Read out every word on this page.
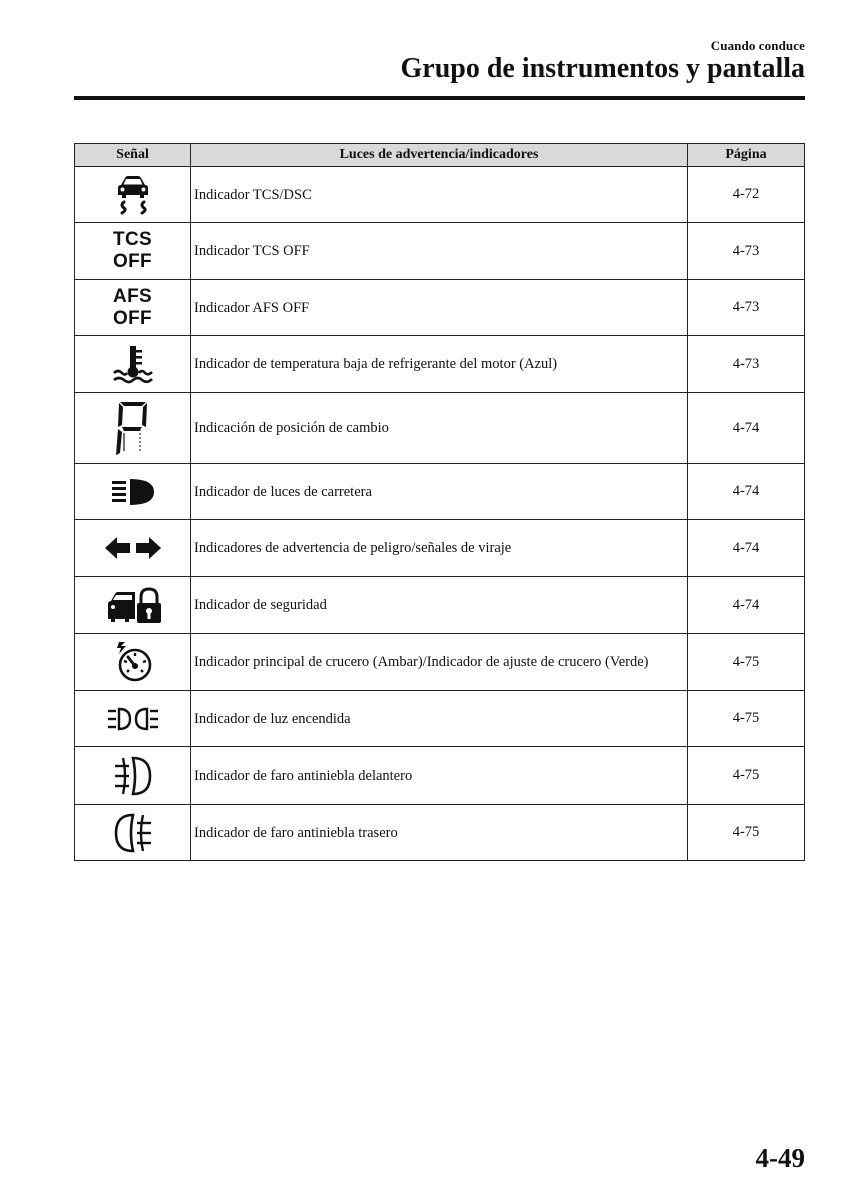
Cuando conduce
Grupo de instrumentos y pantalla
Señal	Luces de advertencia/indicadores	Página

	Indicador TCS/DSC	4-72

TCS
OFF	Indicador TCS OFF	4-73

AFS
OFF	Indicador AFS OFF	4-73

	Indicador de temperatura baja de refrigerante del motor (Azul)	4-73

	Indicación de posición de cambio	4-74

	Indicador de luces de carretera	4-74

	Indicadores de advertencia de peligro/señales de viraje	4-74

	Indicador de seguridad	4-74

	Indicador principal de crucero (Ambar)/Indicador de ajuste de crucero (Verde)	4-75

	Indicador de luz encendida	4-75

	Indicador de faro antiniebla delantero	4-75

	Indicador de faro antiniebla trasero	4-75
4-49
